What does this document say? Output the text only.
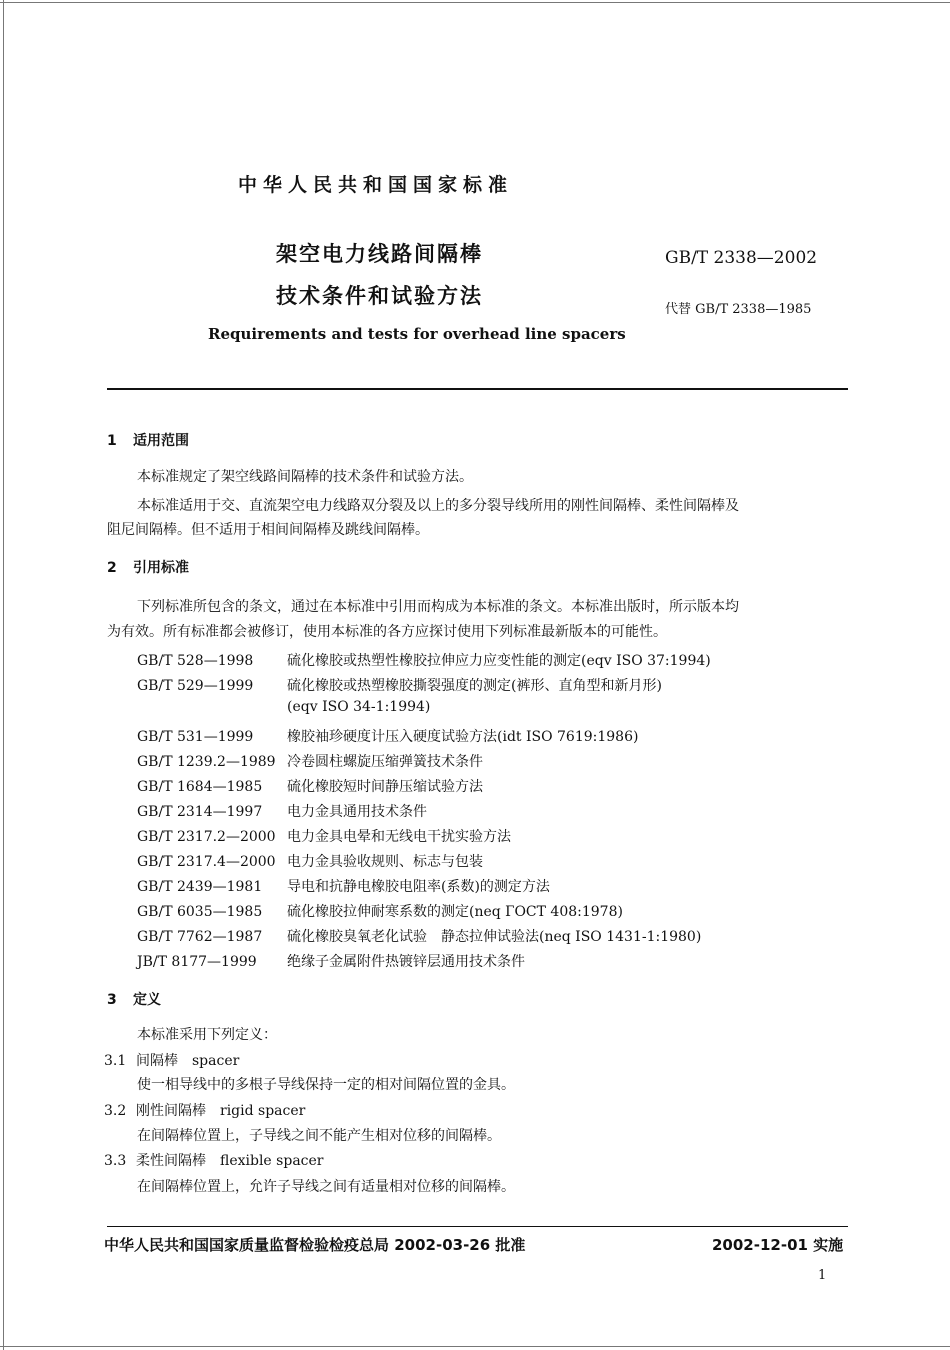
中华人民共和国国家标准
架空电力线路间隔棒
技术条件和试验方法
GB/T 2338—2002
代替 GB/T 2338—1985
Requirements and tests for overhead line spacers
1 适用范围
本标准规定了架空线路间隔棒的技术条件和试验方法。
本标准适用于交、直流架空电力线路双分裂及以上的多分裂导线所用的刚性间隔棒、柔性间隔棒及
阻尼间隔棒。但不适用于相间间隔棒及跳线间隔棒。
2 引用标准
下列标准所包含的条文，通过在本标准中引用而构成为本标准的条文。本标准出版时，所示版本均
为有效。所有标准都会被修订，使用本标准的各方应探讨使用下列标准最新版本的可能性。
GB/T 528—1998 硫化橡胶或热塑性橡胶拉伸应力应变性能的测定(eqv ISO 37:1994)
GB/T 529—1999 硫化橡胶或热塑橡胶撕裂强度的测定(裤形、直角型和新月形)
(eqv ISO 34-1:1994)
GB/T 531—1999 橡胶袖珍硬度计压入硬度试验方法(idt ISO 7619:1986)
GB/T 1239.2—1989 冷卷圆柱螺旋压缩弹簧技术条件
GB/T 1684—1985 硫化橡胶短时间静压缩试验方法
GB/T 2314—1997 电力金具通用技术条件
GB/T 2317.2—2000 电力金具电晕和无线电干扰实验方法
GB/T 2317.4—2000 电力金具验收规则、标志与包装
GB/T 2439—1981 导电和抗静电橡胶电阻率(系数)的测定方法
GB/T 6035—1985 硫化橡胶拉伸耐寒系数的测定(neq ГОСТ 408:1978)
GB/T 7762—1987 硫化橡胶臭氧老化试验　静态拉伸试验法(neq ISO 1431-1:1980)
JB/T 8177—1999 绝缘子金属附件热镀锌层通用技术条件
3 定义
本标准采用下列定义：
3.1 间隔棒 spacer
使一相导线中的多根子导线保持一定的相对间隔位置的金具。
3.2 刚性间隔棒 rigid spacer
在间隔棒位置上，子导线之间不能产生相对位移的间隔棒。
3.3 柔性间隔棒 flexible spacer
在间隔棒位置上，允许子导线之间有适量相对位移的间隔棒。
中华人民共和国国家质量监督检验检疫总局 2002-03-26 批准	2002-12-01 实施
1
